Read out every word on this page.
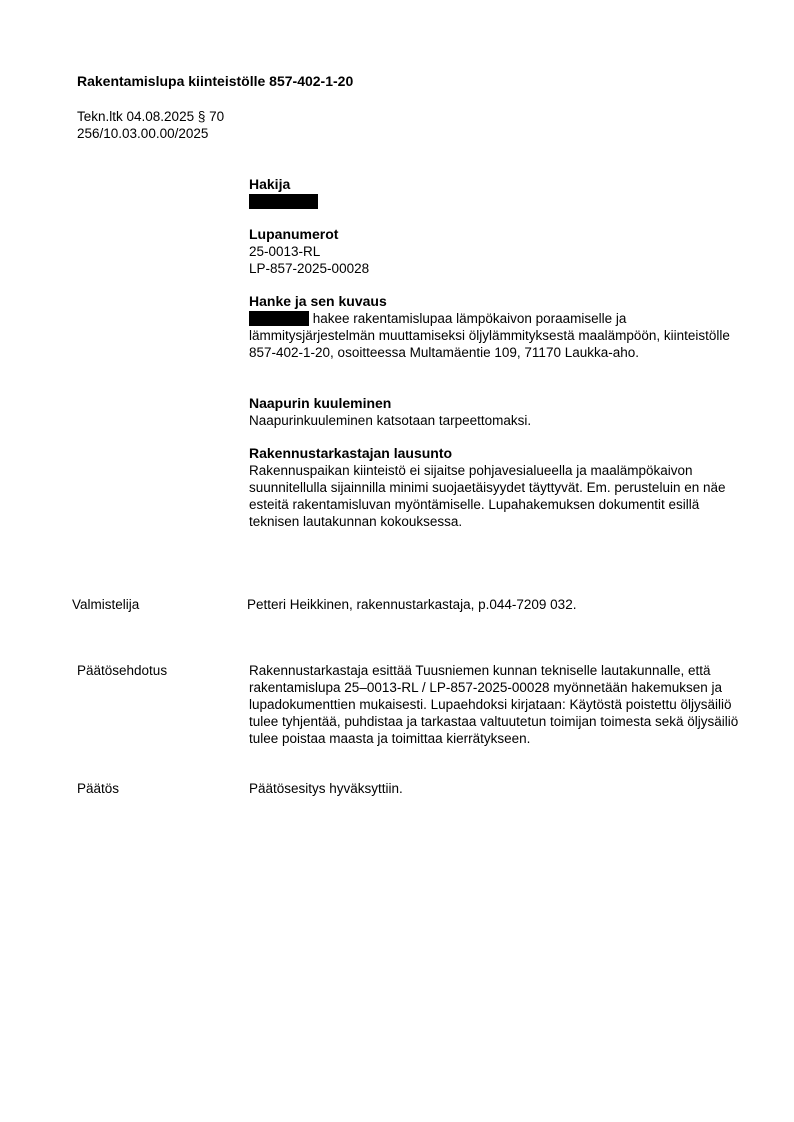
Rakentamislupa kiinteistölle 857-402-1-20
Tekn.ltk 04.08.2025 § 70
256/10.03.00.00/2025
Hakija
Lupanumerot
25-0013-RL
LP-857-2025-00028
Hanke ja sen kuvaus
hakee rakentamislupaa lämpökaivon poraamiselle ja lämmitysjärjestelmän muuttamiseksi öljylämmityksestä maalämpöön, kiinteistölle 857-402-1-20, osoitteessa Multamäentie 109, 71170 Laukka-aho.
Naapurin kuuleminen
Naapurinkuuleminen katsotaan tarpeettomaksi.
Rakennustarkastajan lausunto
Rakennuspaikan kiinteistö ei sijaitse pohjavesialueella ja maalämpökaivon suunnitellulla sijainnilla minimi suojaetäisyydet täyttyvät. Em. perusteluin en näe esteitä rakentamisluvan myöntämiselle. Lupahakemuksen dokumentit esillä teknisen lautakunnan kokouksessa.
Valmistelija	Petteri Heikkinen, rakennustarkastaja, p.044-7209 032.
Päätösehdotus	Rakennustarkastaja esittää Tuusniemen kunnan tekniselle lautakunnalle, että rakentamislupa 25–0013-RL / LP-857-2025-00028 myönnetään hakemuksen ja lupadokumenttien mukaisesti. Lupaehdoksi kirjataan: Käytöstä poistettu öljysäiliö tulee tyhjentää, puhdistaa ja tarkastaa valtuutetun toimijan toimesta sekä öljysäiliö tulee poistaa maasta ja toimittaa kierrätykseen.
Päätös	Päätösesitys hyväksyttiin.
